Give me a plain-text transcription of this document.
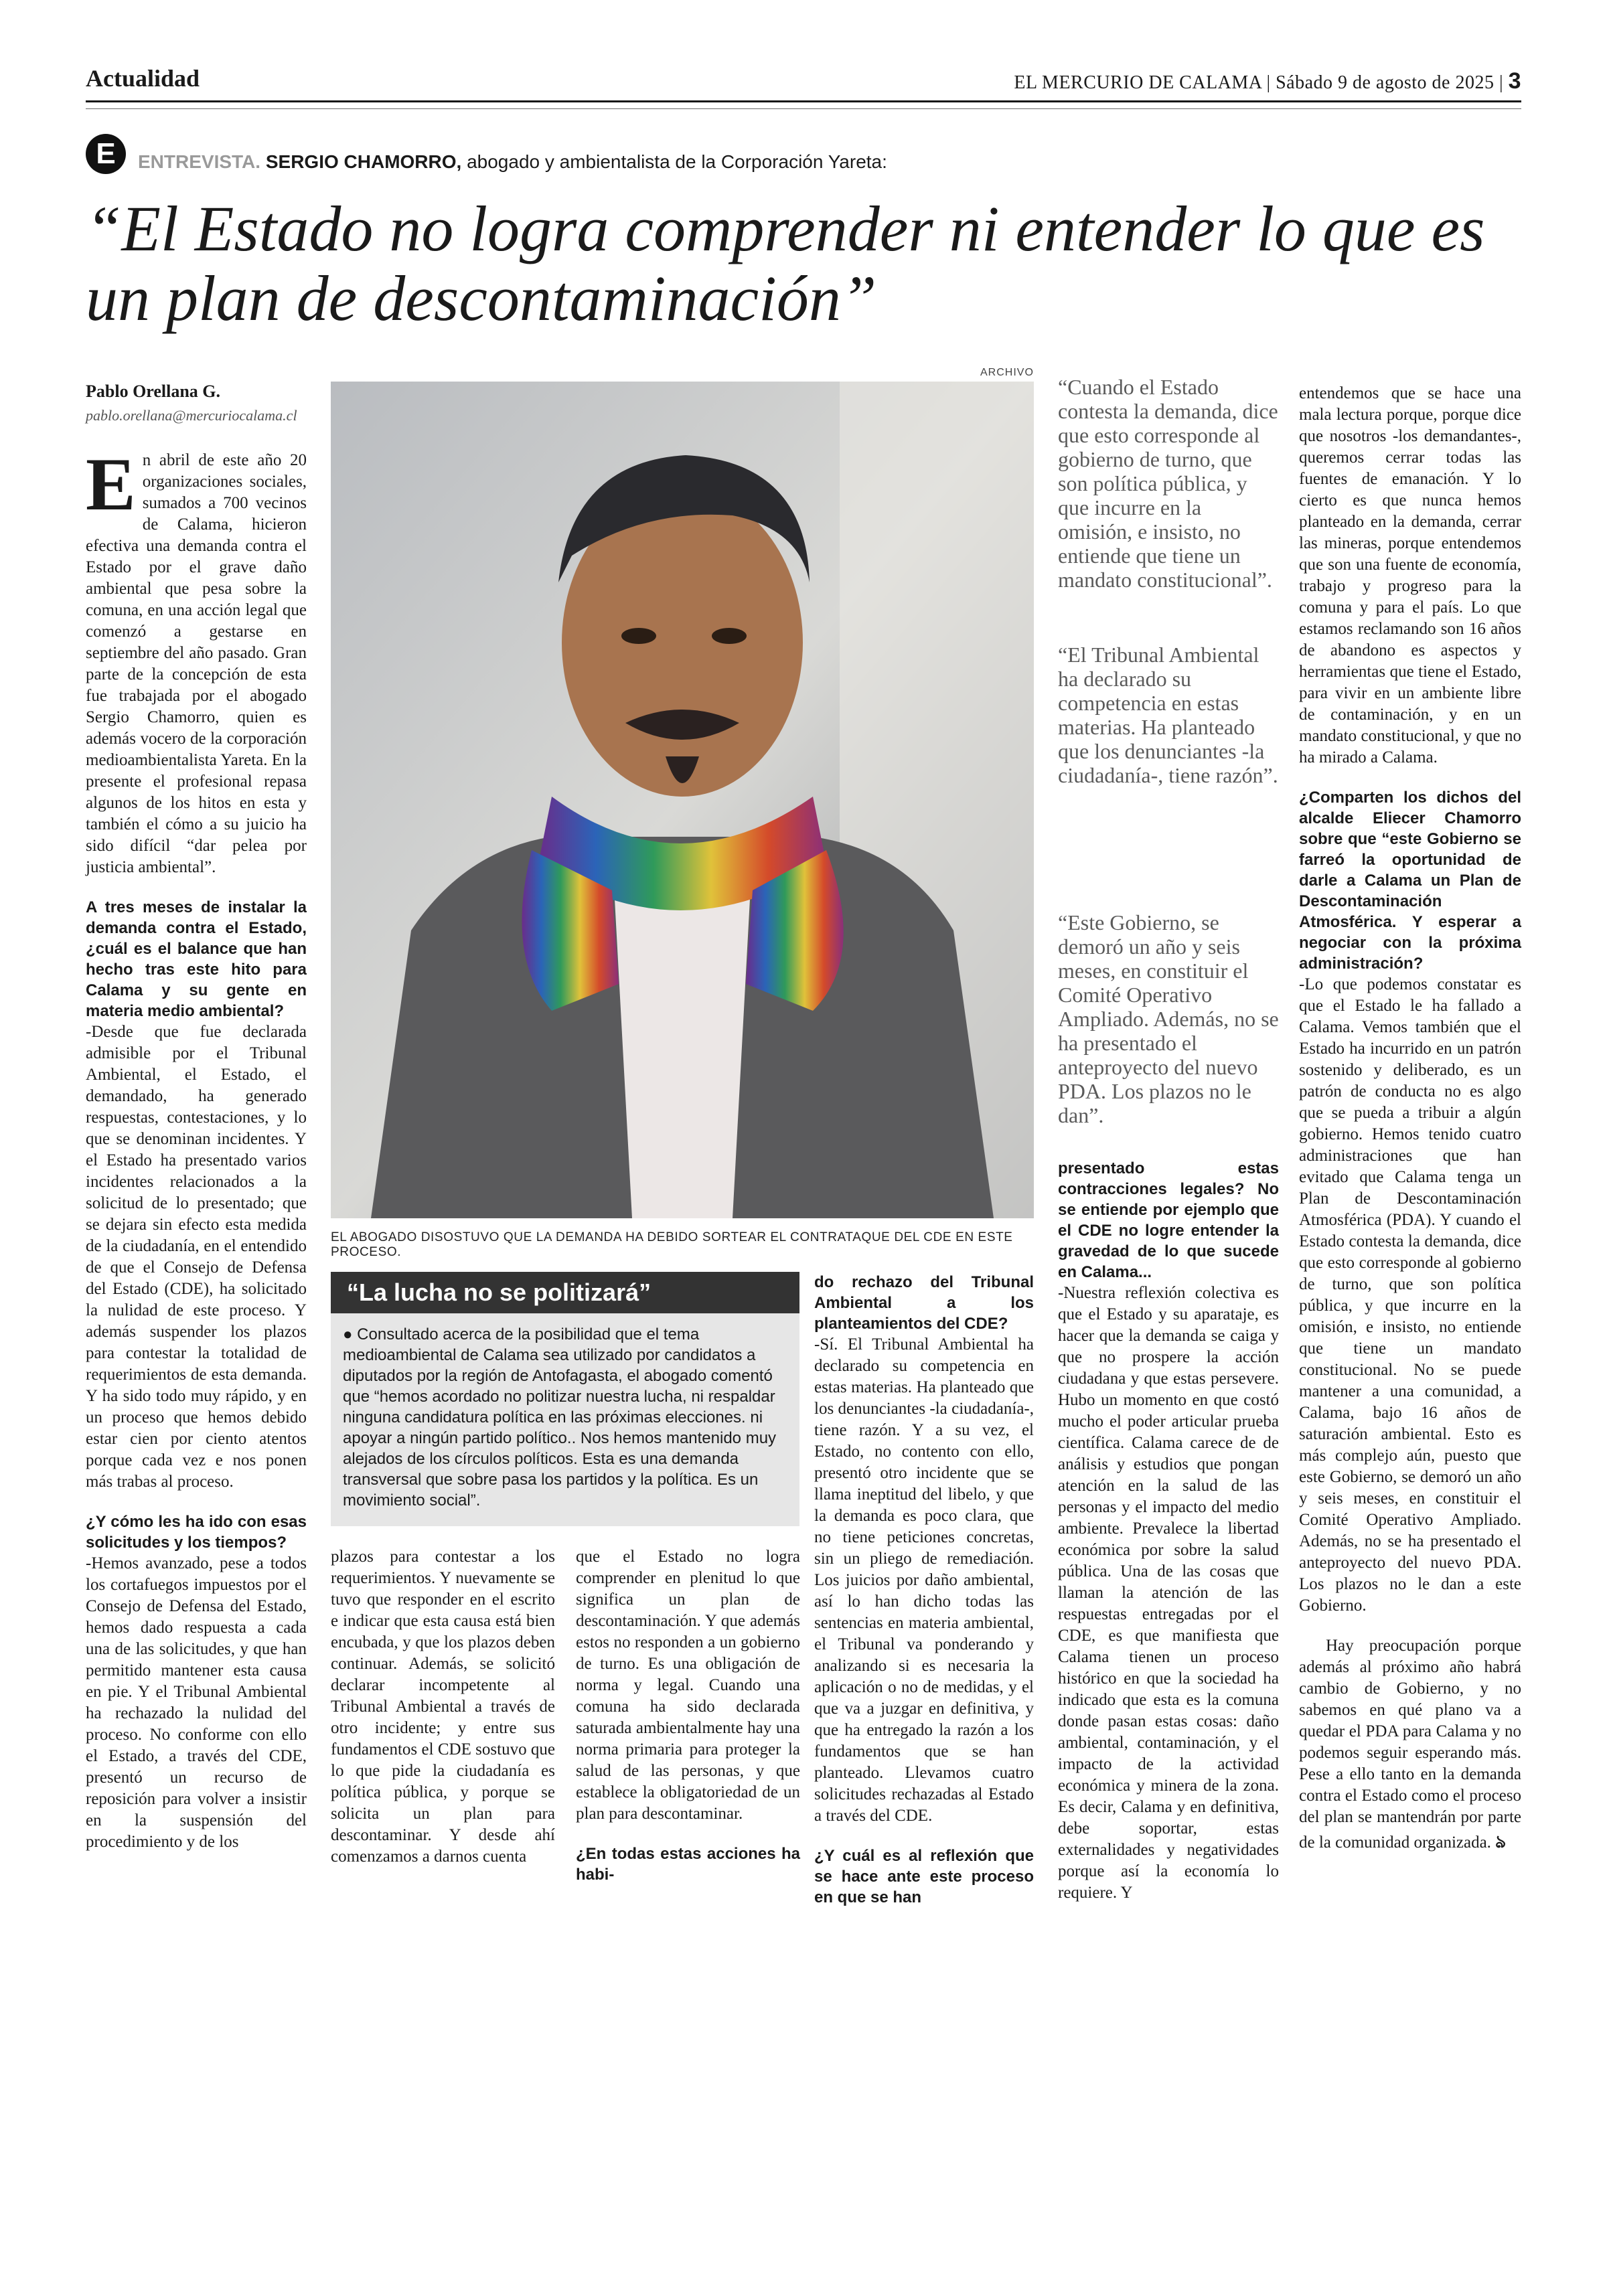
Actualidad	EL MERCURIO DE CALAMA | Sábado 9 de agosto de 2025 | 3
E	ENTREVISTA. SERGIO CHAMORRO, abogado y ambientalista de la Corporación Yareta:
“El Estado no logra comprender ni entender lo que es un plan de descontaminación”
Pablo Orellana G.
pablo.orellana@mercuriocalama.cl
ARCHIVO
EL ABOGADO DISOSTUVO QUE LA DEMANDA HA DEBIDO SORTEAR EL CONTRATAQUE DEL CDE EN ESTE PROCESO.

En abril de este año 20 organizaciones sociales, sumados a 700 vecinos de Calama, hicieron efectiva una demanda contra el Estado por el grave daño ambiental que pesa sobre la comuna, en una acción legal que comenzó a gestarse en septiembre del año pasado. Gran parte de la concepción de esta fue trabajada por el abogado Sergio Chamorro, quien es además vocero de la corporación medioambientalista Yareta. En la presente el profesional repasa algunos de los hitos en esta y también el cómo a su juicio ha sido difícil “dar pelea por justicia ambiental”.

A tres meses de instalar la demanda contra el Estado, ¿cuál es el balance que han hecho tras este hito para Calama y su gente en materia medio ambiental?

-Desde que fue declarada admisible por el Tribunal Ambiental, el Estado, el demandado, ha generado respuestas, contestaciones, y lo que se denominan incidentes. Y el Estado ha presentado varios incidentes relacionados a la solicitud de lo presentado; que se dejara sin efecto esta medida de la ciudadanía, en el entendido de que el Consejo de Defensa del Estado (CDE), ha solicitado la nulidad de este proceso. Y además suspender los plazos para contestar la totalidad de requerimientos de esta demanda. Y ha sido todo muy rápido, y en un proceso que hemos debido estar cien por ciento atentos porque cada vez e nos ponen más trabas al proceso.

¿Y cómo les ha ido con esas solicitudes y los tiempos?

-Hemos avanzado, pese a todos los cortafuegos impuestos por el Consejo de Defensa del Estado, hemos dado respuesta a cada una de las solicitudes, y que han permitido mantener esta causa en pie. Y el Tribunal Ambiental ha rechazado la nulidad del proceso. No conforme con ello el Estado, a través del CDE, presentó un recurso de reposición para volver a insistir en la suspensión del procedimiento y de los

“La lucha no se politizará”
● Consultado acerca de la posibilidad que el tema medioambiental de Calama sea utilizado por candidatos a diputados por la región de Antofagasta, el abogado comentó que “hemos acordado no politizar nuestra lucha, ni respaldar ninguna candidatura política en las próximas elecciones. ni apoyar a ningún partido político.. Nos hemos mantenido muy alejados de los círculos políticos. Esta es una demanda transversal que sobre pasa los partidos y la política. Es un movimiento social”.

plazos para contestar a los requerimientos. Y nuevamente se tuvo que responder en el escrito e indicar que esta causa está bien encubada, y que los plazos deben continuar. Además, se solicitó declarar incompetente al Tribunal Ambiental a través de otro incidente; y entre sus fundamentos el CDE sostuvo que lo que pide la ciudadanía es política pública, y porque se solicita un plan para descontaminar. Y desde ahí comenzamos a darnos cuenta

que el Estado no logra comprender en plenitud lo que significa un plan de descontaminación. Y que además estos no responden a un gobierno de turno. Es una obligación de norma y legal. Cuando una comuna ha sido declarada saturada ambientalmente hay una norma primaria para proteger la salud de las personas, y que establece la obligatoriedad de un plan para descontaminar.

¿En todas estas acciones ha habi-

do rechazo del Tribunal Ambiental a los planteamientos del CDE?

-Sí. El Tribunal Ambiental ha declarado su competencia en estas materias. Ha planteado que los denunciantes -la ciudadanía-, tiene razón. Y a su vez, el Estado, no contento con ello, presentó otro incidente que se llama ineptitud del libelo, y que la demanda es poco clara, que no tiene peticiones concretas, sin un pliego de remediación. Los juicios por daño ambiental, así lo han dicho todas las sentencias en materia ambiental, el Tribunal va ponderando y analizando si es necesaria la aplicación o no de medidas, y el que va a juzgar en definitiva, y que ha entregado la razón a los fundamentos que se han planteado. Llevamos cuatro solicitudes rechazadas al Estado a través del CDE.

¿Y cuál es al reflexión que se hace ante este proceso en que se han

“Cuando el Estado contesta la demanda, dice que esto corresponde al gobierno de turno, que son política pública, y que incurre en la omisión, e insisto, no entiende que tiene un mandato constitucional”.
“El Tribunal Ambiental ha declarado su competencia en estas materias. Ha planteado que los denunciantes -la ciudadanía-, tiene razón”.
“Este Gobierno, se demoró un año y seis meses, en constituir el Comité Operativo Ampliado. Además, no se ha presentado el anteproyecto del nuevo PDA. Los plazos no le dan”.

presentado estas contracciones legales? No se entiende por ejemplo que el CDE no logre entender la gravedad de lo que sucede en Calama...

-Nuestra reflexión colectiva es que el Estado y su aparataje, es hacer que la demanda se caiga y que no prospere la acción ciudadana y que estas persevere. Hubo un momento en que costó mucho el poder articular prueba científica. Calama carece de de análisis y estudios que pongan atención en la salud de las personas y el impacto del medio ambiente. Prevalece la libertad económica por sobre la salud pública. Una de las cosas que llaman la atención de las respuestas entregadas por el CDE, es que manifiesta que Calama tienen un proceso histórico en que la sociedad ha indicado que esta es la comuna donde pasan estas cosas: daño ambiental, contaminación, y el impacto de la actividad económica y minera de la zona. Es decir, Calama y en definitiva, debe soportar, estas externalidades y negatividades porque así la economía lo requiere. Y

entendemos que se hace una mala lectura porque, porque dice que nosotros -los demandantes-, queremos cerrar todas las fuentes de emanación. Y lo cierto es que nunca hemos planteado en la demanda, cerrar las mineras, porque entendemos que son una fuente de economía, trabajo y progreso para la comuna y para el país. Lo que estamos reclamando son 16 años de abandono es aspectos y herramientas que tiene el Estado, para vivir en un ambiente libre de contaminación, y en un mandato constitucional, y que no ha mirado a Calama.

¿Comparten los dichos del alcalde Eliecer Chamorro sobre que “este Gobierno se farreó la oportunidad de darle a Calama un Plan de Descontaminación Atmosférica. Y esperar a negociar con la próxima administración?

-Lo que podemos constatar es que el Estado le ha fallado a Calama. Vemos también que el Estado ha incurrido en un patrón sostenido y deliberado, es un patrón de conducta no es algo que se pueda a tribuir a algún gobierno. Hemos tenido cuatro administraciones que han evitado que Calama tenga un Plan de Descontaminación Atmosférica (PDA). Y cuando el Estado contesta la demanda, dice que esto corresponde al gobierno de turno, que son política pública, y que incurre en la omisión, e insisto, no entiende que tiene un mandato constitucional. No se puede mantener a una comunidad, a Calama, bajo 16 años de saturación ambiental. Esto es más complejo aún, puesto que este Gobierno, se demoró un año y seis meses, en constituir el Comité Operativo Ampliado. Además, no se ha presentado el anteproyecto del nuevo PDA. Los plazos no le dan a este Gobierno.

Hay preocupación porque además al próximo año habrá cambio de Gobierno, y no sabemos en qué plano va a quedar el PDA para Calama y no podemos seguir esperando más. Pese a ello tanto en la demanda contra el Estado como el proceso del plan se mantendrán por parte de la comunidad organizada. ঌ
